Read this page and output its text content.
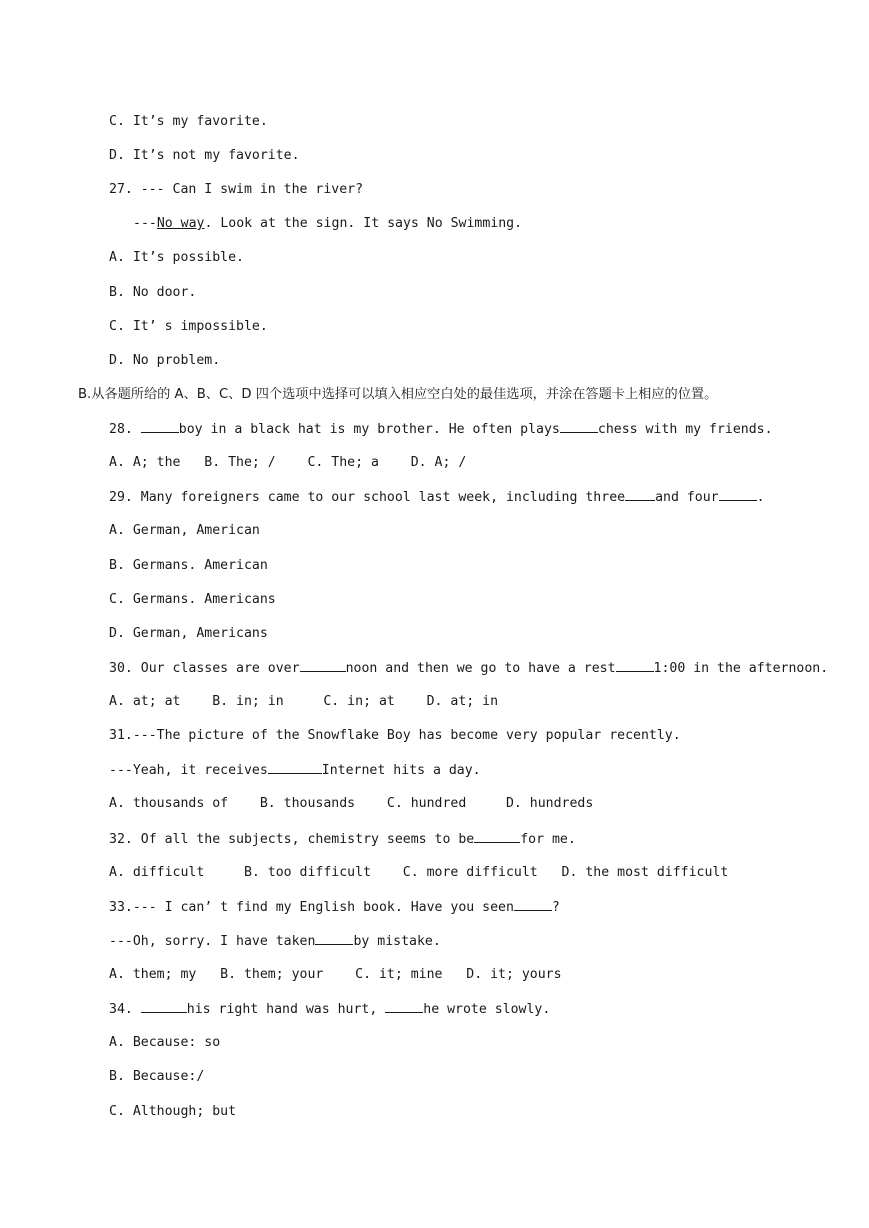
C. It’s my favorite.
D. It’s not my favorite.
27. --- Can I swim in the river?
---No way. Look at the sign. It says No Swimming.
A. It’s possible.
B. No door.
C. It’ s impossible.
D. No problem.
B.从各题所给的 A、B、C、D 四个选项中选择可以填入相应空白处的最佳选项，并涂在答题卡上相应的位置。
28.	boy in a black hat is my brother. He often plays	chess with my friends.
A. A; the   B. The; /    C. The; a    D. A; /
29. Many foreigners came to our school last week, including three and four	.
A. German, American
B. Germans. American
C. Germans. Americans
D. German, Americans
30. Our classes are over	noon and then we go to have a rest	1:00 in the afternoon.
A. at; at    B. in; in     C. in; at    D. at; in
31.---The picture of the Snowflake Boy has become very popular recently.
---Yeah, it receives	Internet hits a day.
A. thousands of    B. thousands    C. hundred     D. hundreds
32. Of all the subjects, chemistry seems to be	for me.
A. difficult     B. too difficult    C. more difficult   D. the most difficult
33.--- I can’ t find my English book. Have you seen	?
---Oh, sorry. I have taken	by mistake.
A. them; my   B. them; your    C. it; mine   D. it; yours
34.	his right hand was hurt,	he wrote slowly.
A. Because: so
B. Because:/
C. Although; but
